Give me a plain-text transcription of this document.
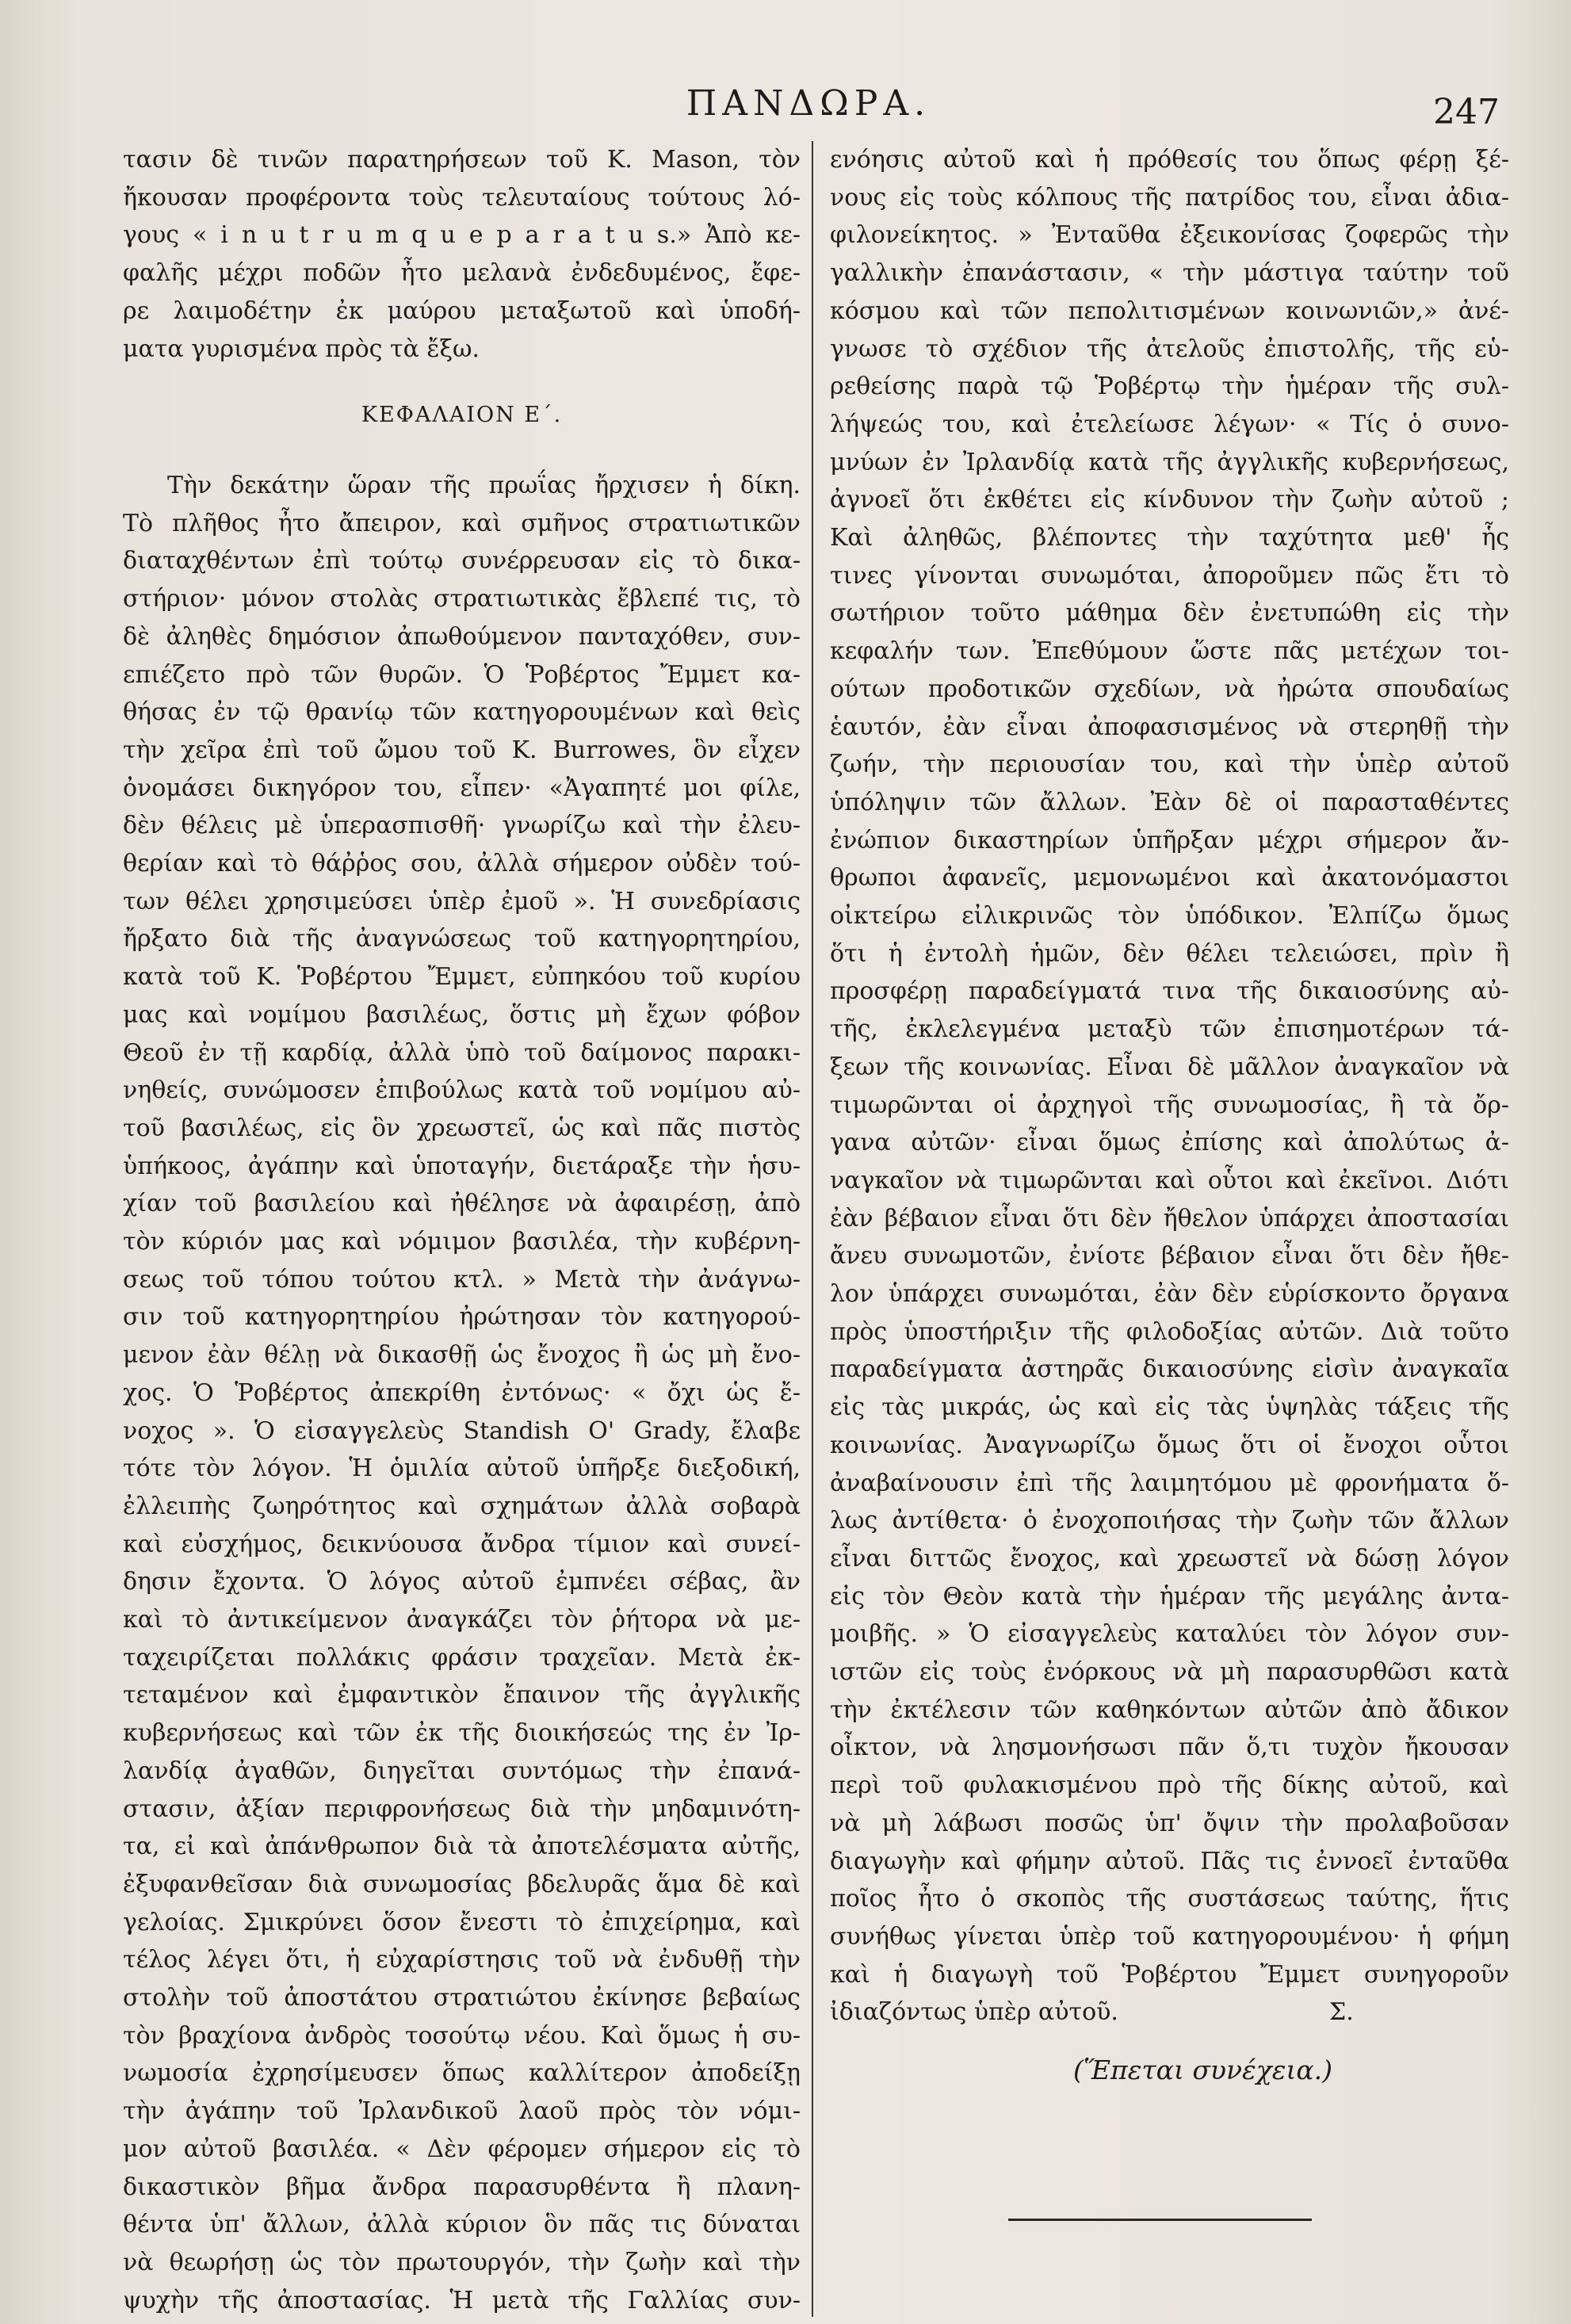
ΠΑΝΔΩΡΑ.	247
ΚΕΦΑΛΑΙΟΝ Ε΄.
τασιν δὲ τινῶν παρατηρήσεων τοῦ Κ. Mason, τὸν
ἤκουσαν προφέροντα τοὺς τελευταίους τούτους λό-
γους « i n u t r u m q u e p a r a t u s.» Ἀπὸ κε-
φαλῆς μέχρι ποδῶν ἦτο μελανὰ ἐνδεδυμένος, ἔφε-
ρε λαιμοδέτην ἐκ μαύρου μεταξωτοῦ καὶ ὑποδή-
ματα γυρισμένα πρὸς τὰ ἔξω.
Τὴν δεκάτην ὥραν τῆς πρωΐας ἤρχισεν ἡ δίκη.
Τὸ πλῆθος ἦτο ἄπειρον, καὶ σμῆνος στρατιωτικῶν
διαταχθέντων ἐπὶ τούτῳ συνέρρευσαν εἰς τὸ δικα-
στήριον· μόνον στολὰς στρατιωτικὰς ἔβλεπέ τις, τὸ
δὲ ἀληθὲς δημόσιον ἀπωθούμενον πανταχόθεν, συν-
επιέζετο πρὸ τῶν θυρῶν. Ὁ Ῥοβέρτος Ἔμμετ κα-
θήσας ἐν τῷ θρανίῳ τῶν κατηγορουμένων καὶ θεὶς
τὴν χεῖρα ἐπὶ τοῦ ὤμου τοῦ Κ. Burrowes, ὃν εἶχεν
ὀνομάσει δικηγόρον του, εἶπεν· «Ἀγαπητέ μοι φίλε,
δὲν θέλεις μὲ ὑπερασπισθῆ· γνωρίζω καὶ τὴν ἐλευ-
θερίαν καὶ τὸ θάῤῥος σου, ἀλλὰ σήμερον οὐδὲν τού-
των θέλει χρησιμεύσει ὑπὲρ ἐμοῦ ». Ἡ συνεδρίασις
ἤρξατο διὰ τῆς ἀναγνώσεως τοῦ κατηγορητηρίου,
κατὰ τοῦ Κ. Ῥοβέρτου Ἔμμετ, εὐπηκόου τοῦ κυρίου
μας καὶ νομίμου βασιλέως, ὅστις μὴ ἔχων φόβον
Θεοῦ ἐν τῇ καρδίᾳ, ἀλλὰ ὑπὸ τοῦ δαίμονος παρακι-
νηθείς, συνώμοσεν ἐπιβούλως κατὰ τοῦ νομίμου αὐ-
τοῦ βασιλέως, εἰς ὃν χρεωστεῖ, ὡς καὶ πᾶς πιστὸς
ὑπήκοος, ἀγάπην καὶ ὑποταγήν, διετάραξε τὴν ἡσυ-
χίαν τοῦ βασιλείου καὶ ἠθέλησε νὰ ἀφαιρέσῃ, ἀπὸ
τὸν κύριόν μας καὶ νόμιμον βασιλέα, τὴν κυβέρνη-
σεως τοῦ τόπου τούτου κτλ. » Μετὰ τὴν ἀνάγνω-
σιν τοῦ κατηγορητηρίου ἠρώτησαν τὸν κατηγορού-
μενον ἐὰν θέλῃ νὰ δικασθῇ ὡς ἔνοχος ἢ ὡς μὴ ἔνο-
χος. Ὁ Ῥοβέρτος ἀπεκρίθη ἐντόνως· « ὄχι ὡς ἔ-
νοχος ». Ὁ εἰσαγγελεὺς Standish O' Grady, ἔλαβε
τότε τὸν λόγον. Ἡ ὁμιλία αὐτοῦ ὑπῆρξε διεξοδική,
ἐλλειπὴς ζωηρότητος καὶ σχημάτων ἀλλὰ σοβαρὰ
καὶ εὐσχήμος, δεικνύουσα ἄνδρα τίμιον καὶ συνεί-
δησιν ἔχοντα. Ὁ λόγος αὐτοῦ ἐμπνέει σέβας, ἂν
καὶ τὸ ἀντικείμενον ἀναγκάζει τὸν ῥήτορα νὰ με-
ταχειρίζεται πολλάκις φράσιν τραχεῖαν. Μετὰ ἐκ-
τεταμένον καὶ ἐμφαντικὸν ἔπαινον τῆς ἀγγλικῆς
κυβερνήσεως καὶ τῶν ἐκ τῆς διοικήσεώς της ἐν Ἰρ-
λανδίᾳ ἀγαθῶν, διηγεῖται συντόμως τὴν ἐπανά-
στασιν, ἀξίαν περιφρονήσεως διὰ τὴν μηδαμινότη-
τα, εἰ καὶ ἀπάνθρωπον διὰ τὰ ἀποτελέσματα αὐτῆς,
ἐξυφανθεῖσαν διὰ συνωμοσίας βδελυρᾶς ἅμα δὲ καὶ
γελοίας. Σμικρύνει ὅσον ἔνεστι τὸ ἐπιχείρημα, καὶ
τέλος λέγει ὅτι, ἡ εὐχαρίστησις τοῦ νὰ ἐνδυθῇ τὴν
στολὴν τοῦ ἀποστάτου στρατιώτου ἐκίνησε βεβαίως
τὸν βραχίονα ἀνδρὸς τοσούτῳ νέου. Καὶ ὅμως ἡ συ-
νωμοσία ἐχρησίμευσεν ὅπως καλλίτερον ἀποδείξῃ
τὴν ἀγάπην τοῦ Ἰρλανδικοῦ λαοῦ πρὸς τὸν νόμι-
μον αὐτοῦ βασιλέα. « Δὲν φέρομεν σήμερον εἰς τὸ
δικαστικὸν βῆμα ἄνδρα παρασυρθέντα ἢ πλανη-
θέντα ὑπ' ἄλλων, ἀλλὰ κύριον ὃν πᾶς τις δύναται
νὰ θεωρήσῃ ὡς τὸν πρωτουργόν, τὴν ζωὴν καὶ τὴν
ψυχὴν τῆς ἀποστασίας. Ἡ μετὰ τῆς Γαλλίας συν-
Σ.
(Ἕπεται συνέχεια.)
ενόησις αὐτοῦ καὶ ἡ πρόθεσίς του ὅπως φέρῃ ξέ-
νους εἰς τοὺς κόλπους τῆς πατρίδος του, εἶναι ἀδια-
φιλονείκητος. » Ἐνταῦθα ἐξεικονίσας ζοφερῶς τὴν
γαλλικὴν ἐπανάστασιν, « τὴν μάστιγα ταύτην τοῦ
κόσμου καὶ τῶν πεπολιτισμένων κοινωνιῶν,» ἀνέ-
γνωσε τὸ σχέδιον τῆς ἀτελοῦς ἐπιστολῆς, τῆς εὑ-
ρεθείσης παρὰ τῷ Ῥοβέρτῳ τὴν ἡμέραν τῆς συλ-
λήψεώς του, καὶ ἐτελείωσε λέγων· « Τίς ὁ συνο-
μνύων ἐν Ἰρλανδίᾳ κατὰ τῆς ἀγγλικῆς κυβερνήσεως,
ἀγνοεῖ ὅτι ἐκθέτει εἰς κίνδυνον τὴν ζωὴν αὐτοῦ ;
Καὶ ἀληθῶς, βλέποντες τὴν ταχύτητα μεθ' ἧς
τινες γίνονται συνωμόται, ἀποροῦμεν πῶς ἔτι τὸ
σωτήριον τοῦτο μάθημα δὲν ἐνετυπώθη εἰς τὴν
κεφαλήν των. Ἐπεθύμουν ὥστε πᾶς μετέχων τοι-
ούτων προδοτικῶν σχεδίων, νὰ ἠρώτα σπουδαίως
ἑαυτόν, ἐὰν εἶναι ἀποφασισμένος νὰ στερηθῇ τὴν
ζωήν, τὴν περιουσίαν του, καὶ τὴν ὑπὲρ αὐτοῦ
ὑπόληψιν τῶν ἄλλων. Ἐὰν δὲ οἱ παρασταθέντες
ἐνώπιον δικαστηρίων ὑπῆρξαν μέχρι σήμερον ἄν-
θρωποι ἀφανεῖς, μεμονωμένοι καὶ ἀκατονόμαστοι
οἰκτείρω εἰλικρινῶς τὸν ὑπόδικον. Ἐλπίζω ὅμως
ὅτι ἡ ἐντολὴ ἡμῶν, δὲν θέλει τελειώσει, πρὶν ἢ
προσφέρῃ παραδείγματά τινα τῆς δικαιοσύνης αὐ-
τῆς, ἐκλελεγμένα μεταξὺ τῶν ἐπισημοτέρων τά-
ξεων τῆς κοινωνίας. Εἶναι δὲ μᾶλλον ἀναγκαῖον νὰ
τιμωρῶνται οἱ ἀρχηγοὶ τῆς συνωμοσίας, ἢ τὰ ὄρ-
γανα αὐτῶν· εἶναι ὅμως ἐπίσης καὶ ἀπολύτως ἀ-
ναγκαῖον νὰ τιμωρῶνται καὶ οὗτοι καὶ ἐκεῖνοι. Διότι
ἐὰν βέβαιον εἶναι ὅτι δὲν ἤθελον ὑπάρχει ἀποστασίαι
ἄνευ συνωμοτῶν, ἐνίοτε βέβαιον εἶναι ὅτι δὲν ἤθε-
λον ὑπάρχει συνωμόται, ἐὰν δὲν εὑρίσκοντο ὄργανα
πρὸς ὑποστήριξιν τῆς φιλοδοξίας αὐτῶν. Διὰ τοῦτο
παραδείγματα ἀστηρᾶς δικαιοσύνης εἰσὶν ἀναγκαῖα
εἰς τὰς μικράς, ὡς καὶ εἰς τὰς ὑψηλὰς τάξεις τῆς
κοινωνίας. Ἀναγνωρίζω ὅμως ὅτι οἱ ἔνοχοι οὗτοι
ἀναβαίνουσιν ἐπὶ τῆς λαιμητόμου μὲ φρονήματα ὅ-
λως ἀντίθετα· ὁ ἐνοχοποιήσας τὴν ζωὴν τῶν ἄλλων
εἶναι διττῶς ἔνοχος, καὶ χρεωστεῖ νὰ δώσῃ λόγον
εἰς τὸν Θεὸν κατὰ τὴν ἡμέραν τῆς μεγάλης ἀντα-
μοιβῆς. » Ὁ εἰσαγγελεὺς καταλύει τὸν λόγον συν-
ιστῶν εἰς τοὺς ἐνόρκους νὰ μὴ παρασυρθῶσι κατὰ
τὴν ἐκτέλεσιν τῶν καθηκόντων αὐτῶν ἀπὸ ἄδικον
οἶκτον, νὰ λησμονήσωσι πᾶν ὅ,τι τυχὸν ἤκουσαν
περὶ τοῦ φυλακισμένου πρὸ τῆς δίκης αὐτοῦ, καὶ
νὰ μὴ λάβωσι ποσῶς ὑπ' ὄψιν τὴν προλαβοῦσαν
διαγωγὴν καὶ φήμην αὐτοῦ. Πᾶς τις ἐννοεῖ ἐνταῦθα
ποῖος ἦτο ὁ σκοπὸς τῆς συστάσεως ταύτης, ἥτις
συνήθως γίνεται ὑπὲρ τοῦ κατηγορουμένου· ἡ φήμη
καὶ ἡ διαγωγὴ τοῦ Ῥοβέρτου Ἔμμετ συνηγοροῦν
ἰδιαζόντως ὑπὲρ αὐτοῦ.
